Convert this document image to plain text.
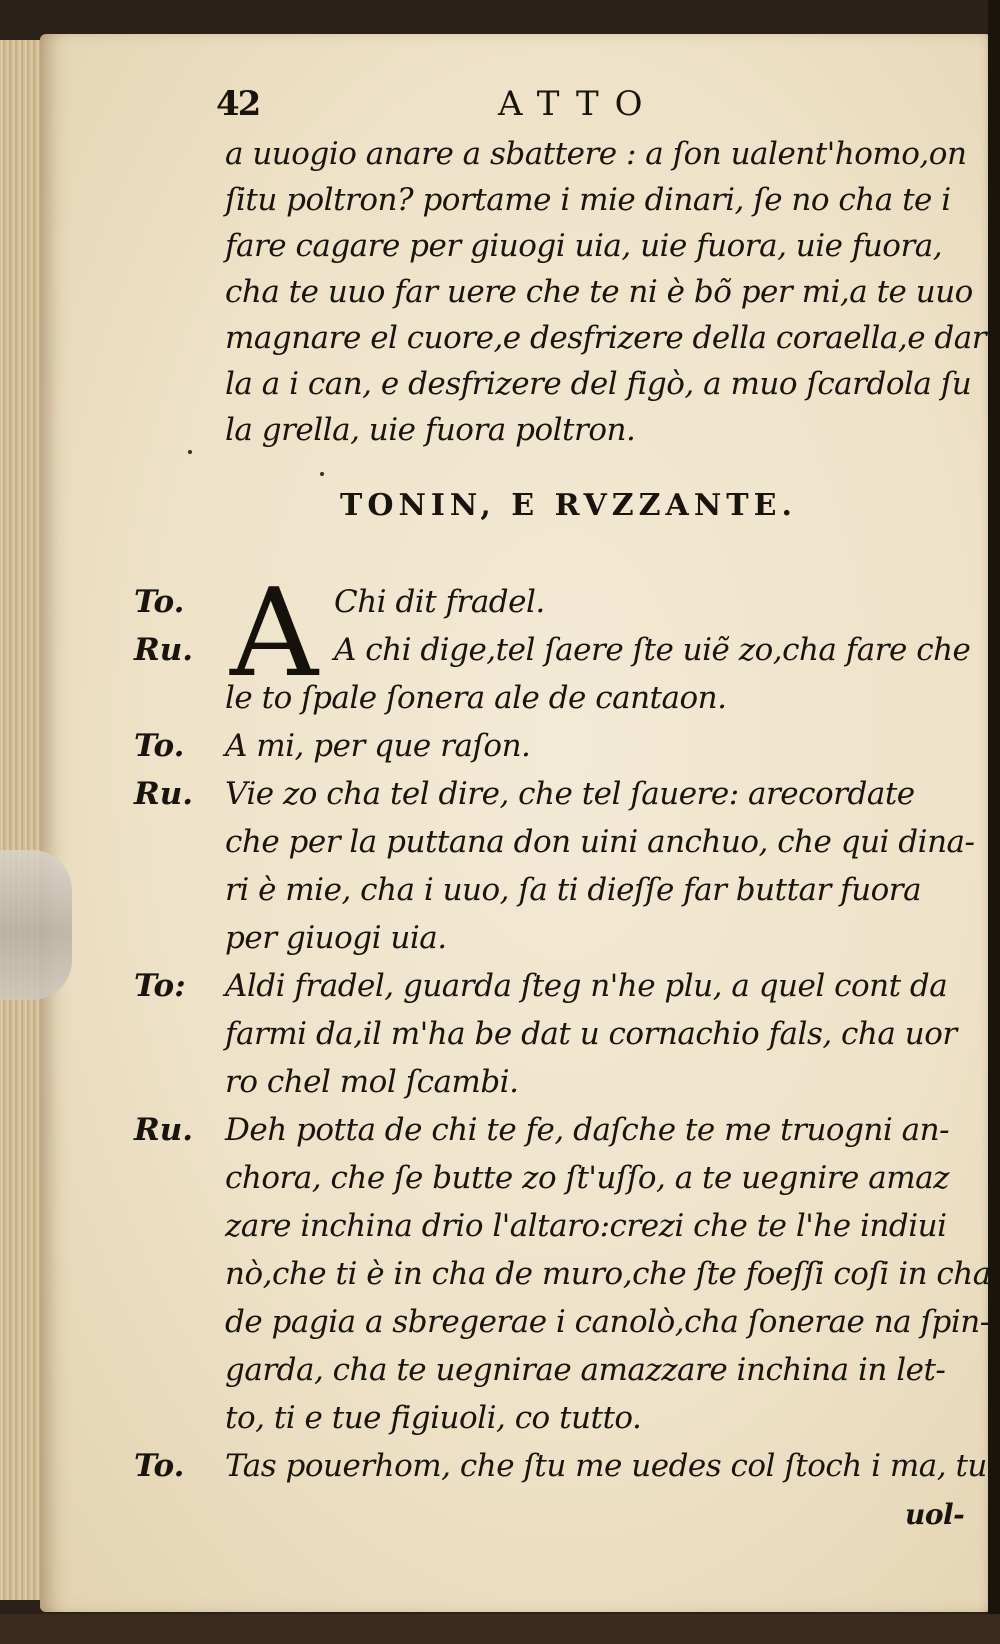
42	ATTO
a uuogio anare a sbattere : a ſon ualent'homo,on
ſitu poltron? portame i mie dinari, ſe no cha te i
fare cagare per giuogi uia, uie fuora, uie fuora,
cha te uuo far uere che te ni è bõ per mi,a te uuo
magnare el cuore,e desfrizere della coraella,e dar
la a i can, e desfrizere del figò, a muo ſcardola ſu
la grella, uie fuora poltron.
TONIN, E RVZZANTE.
A
To.	Chi dit fradel.
Ru.	A chi dige,tel ſaere ſte uiẽ zo,cha fare che
le to ſpale ſonera ale de cantaon.
To. A mi, per que raſon.
Ru. Vie zo cha tel dire, che tel ſauere: arecordate
che per la puttana don uini anchuo, che qui dina-
ri è mie, cha i uuo, ſa ti dieſſe far buttar fuora
per giuogi uia.
To: Aldi fradel, guarda ſteg n'he plu, a quel cont da
farmi da,il m'ha be dat u cornachio fals, cha uor
ro chel mol ſcambi.
Ru. Deh potta de chi te fe, daſche te me truogni an-
chora, che ſe butte zo ſt'uſſo, a te uegnire amaz
zare inchina drio l'altaro:crezi che te l'he indiui
nò,che ti è in cha de muro,che ſte foeſſi coſi in cha
de pagia a sbregerae i canolò,cha ſonerae na ſpin-
garda, cha te uegnirae amazzare inchina in let-
to, ti e tue figiuoli, co tutto.
To. Tas pouerhom, che ſtu me uedes col ſtoch i ma, tu
uol-
